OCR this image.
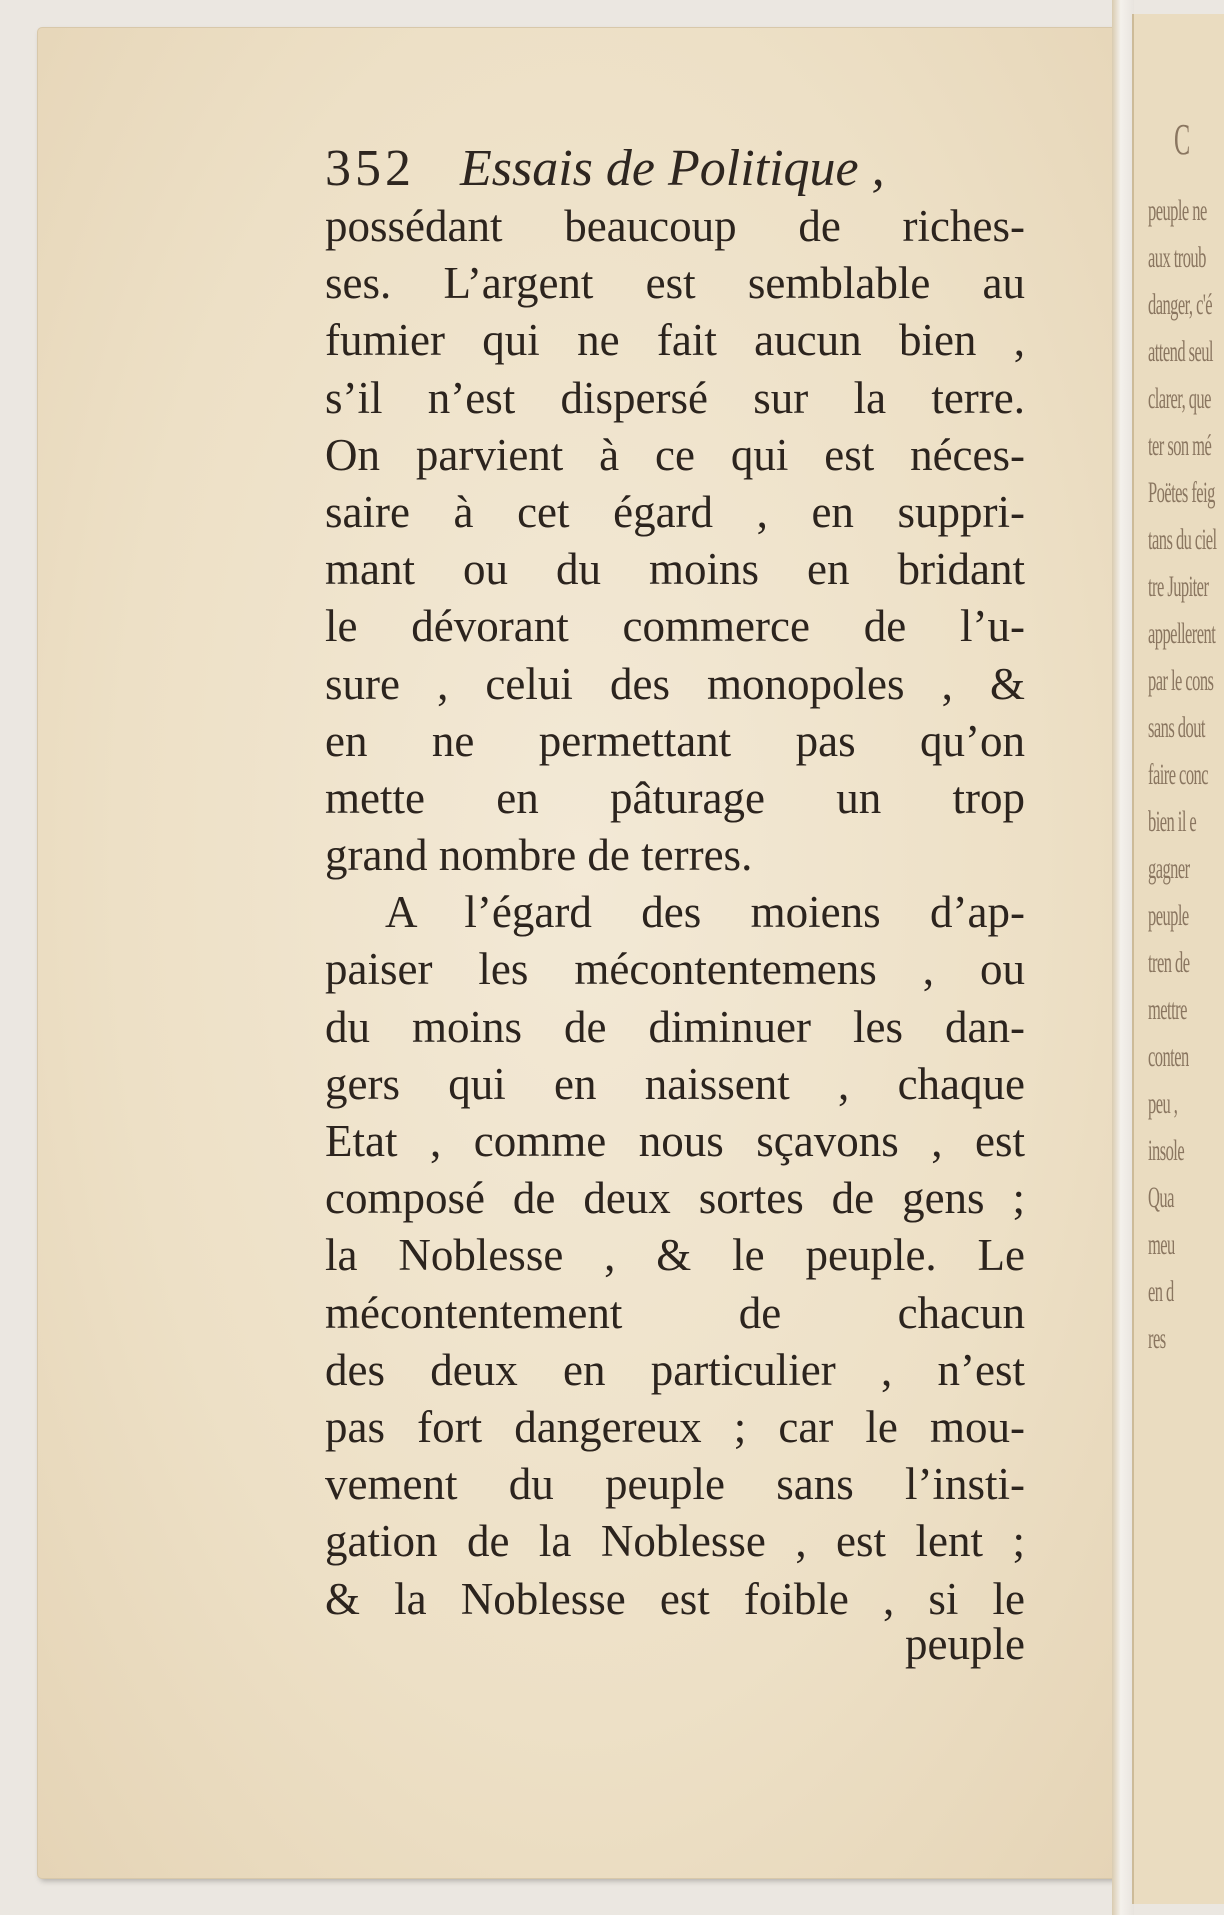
C
peuple ne
aux troub
danger, c'é
attend seul
clarer, que
ter son mé
Poëtes feig
tans du ciel
tre Jupiter
appellerent
par le cons
sans dout
faire conc
bien il e
gagner
peuple
tren de
mettre
conten
peu ,
insole
Qua
meu
en d
res
352 Essais de Politique ,
possédant beaucoup de riches-
ses. L’argent est semblable au
fumier qui ne fait aucun bien ,
s’il n’est dispersé sur la terre.
On parvient à ce qui est néces-
saire à cet égard , en suppri-
mant ou du moins en bridant
le dévorant commerce de l’u-
sure , celui des monopoles , &
en ne permettant pas qu’on
mette en pâturage un trop
grand nombre de terres.
A l’égard des moiens d’ap-
paiser les mécontentemens , ou
du moins de diminuer les dan-
gers qui en naissent , chaque
Etat , comme nous sçavons , est
composé de deux sortes de gens ;
la Noblesse , & le peuple. Le
mécontentement de chacun
des deux en particulier , n’est
pas fort dangereux ; car le mou-
vement du peuple sans l’insti-
gation de la Noblesse , est lent ;
& la Noblesse est foible , si le
peuple
